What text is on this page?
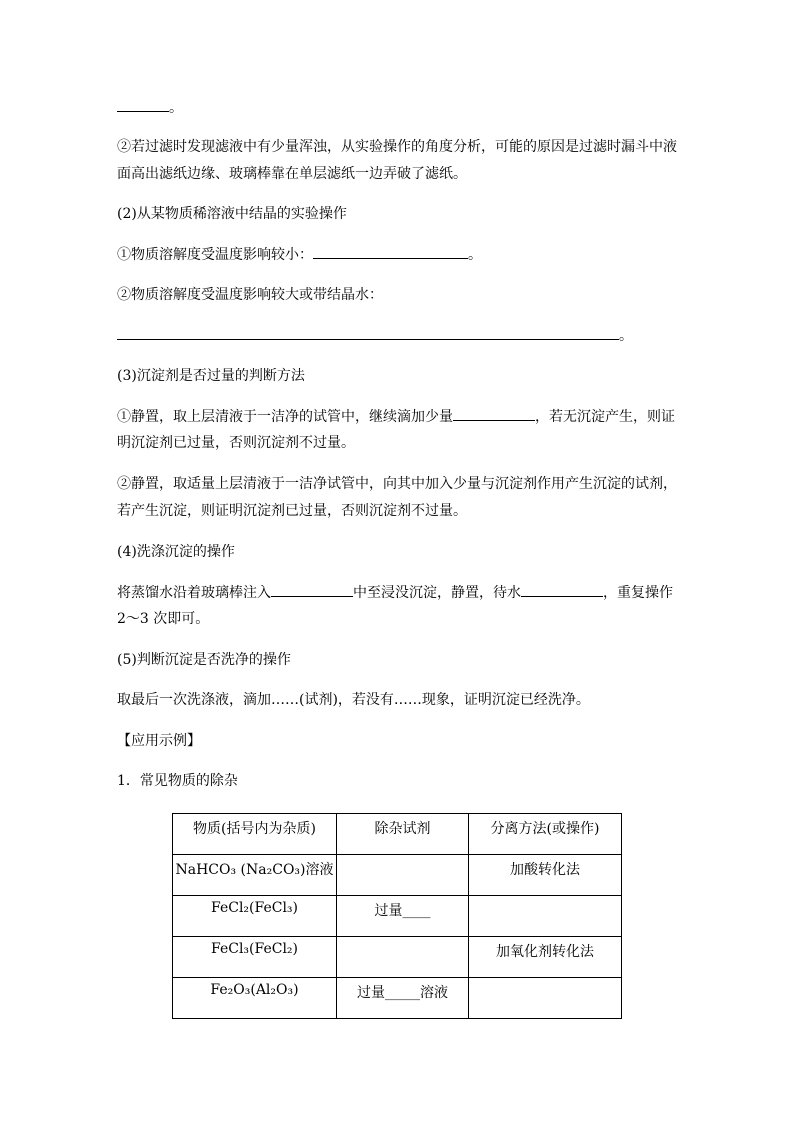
。
②若过滤时发现滤液中有少量浑浊，从实验操作的角度分析，可能的原因是过滤时漏斗中液
面高出滤纸边缘、玻璃棒靠在单层滤纸一边弄破了滤纸。
(2)从某物质稀溶液中结晶的实验操作
①物质溶解度受温度影响较小：	。
②物质溶解度受温度影响较大或带结晶水：
。
(3)沉淀剂是否过量的判断方法
①静置，取上层清液于一洁净的试管中，继续滴加少量	，若无沉淀产生，则证
明沉淀剂已过量，否则沉淀剂不过量。
②静置，取适量上层清液于一洁净试管中，向其中加入少量与沉淀剂作用产生沉淀的试剂，
若产生沉淀，则证明沉淀剂已过量，否则沉淀剂不过量。
(4)洗涤沉淀的操作
将蒸馏水沿着玻璃棒注入	中至浸没沉淀，静置，待水	，重复操作
2～3 次即可。
(5)判断沉淀是否洗净的操作
取最后一次洗涤液，滴加……(试剂)，若没有……现象，证明沉淀已经洗净。
【应用示例】
1．常见物质的除杂
物质(括号内为杂质)	除杂试剂	分离方法(或操作)

NaHCO₃ (Na₂CO₃)溶液		加酸转化法

FeCl₂(FeCl₃)	过量____	

FeCl₃(FeCl₂)		加氧化剂转化法

Fe₂O₃(Al₂O₃)	过量_____溶液	
